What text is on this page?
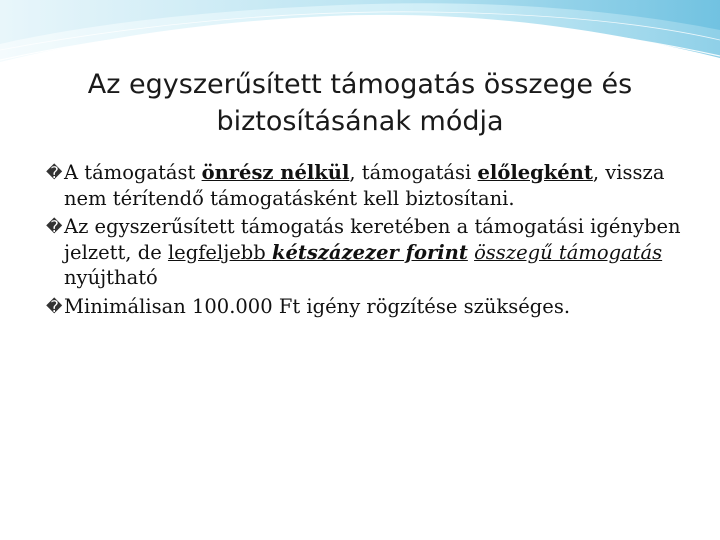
Az egyszerűsített támogatás összege és biztosításának módja

� A támogatást önrész nélkül, támogatási előlegként, vissza nem térítendő támogatásként kell biztosítani.

� Az egyszerűsített támogatás keretében a támogatási igényben jelzett, de legfeljebb kétszázezer forint összegű támogatás nyújtható

� Minimálisan 100.000 Ft igény rögzítése szükséges.
